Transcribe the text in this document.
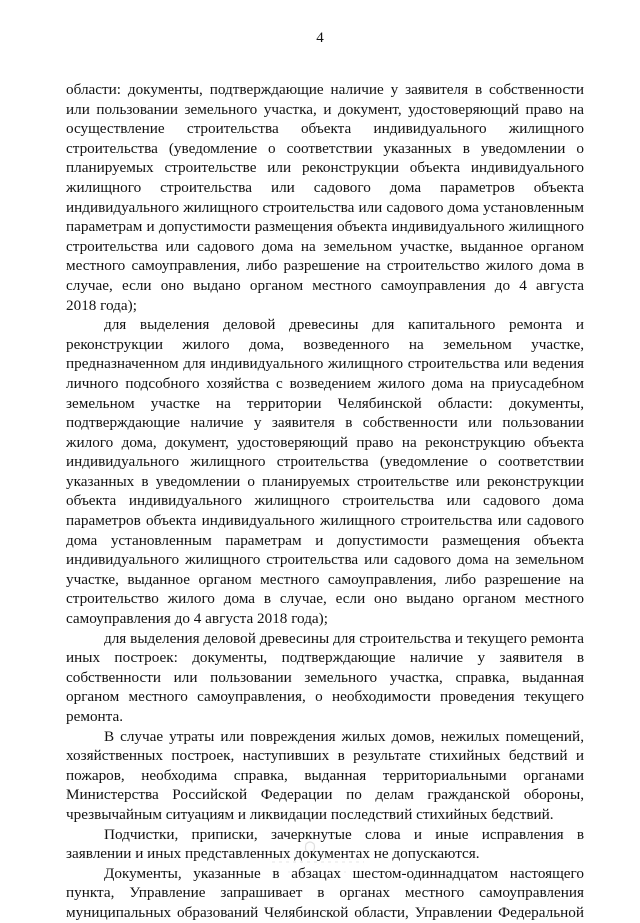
4

области: документы, подтверждающие наличие у заявителя в собственности
или пользовании земельного участка, и документ, удостоверяющий право на
осуществление строительства объекта индивидуального жилищного
строительства (уведомление о соответствии указанных в уведомлении о
планируемых строительстве или реконструкции объекта индивидуального
жилищного строительства или садового дома параметров объекта
индивидуального жилищного строительства или садового дома установленным
параметрам и допустимости размещения объекта индивидуального жилищного
строительства или садового дома на земельном участке, выданное органом
местного самоуправления, либо разрешение на строительство жилого дома в
случае, если оно выдано органом местного самоуправления до 4 августа
2018 года);

для выделения деловой древесины для капитального ремонта и
реконструкции жилого дома, возведенного на земельном участке,
предназначенном для индивидуального жилищного строительства или ведения
личного подсобного хозяйства с возведением жилого дома на приусадебном
земельном участке на территории Челябинской области: документы,
подтверждающие наличие у заявителя в собственности или пользовании
жилого дома, документ, удостоверяющий право на реконструкцию объекта
индивидуального жилищного строительства (уведомление о соответствии
указанных в уведомлении о планируемых строительстве или реконструкции
объекта индивидуального жилищного строительства или садового дома
параметров объекта индивидуального жилищного строительства или садового
дома установленным параметрам и допустимости размещения объекта
индивидуального жилищного строительства или садового дома на земельном
участке, выданное органом местного самоуправления, либо разрешение на
строительство жилого дома в случае, если оно выдано органом местного
самоуправления до 4 августа 2018 года);

для выделения деловой древесины для строительства и текущего ремонта
иных построек: документы, подтверждающие наличие у заявителя в
собственности или пользовании земельного участка, справка, выданная
органом местного самоуправления, о необходимости проведения текущего
ремонта.

В случае утраты или повреждения жилых домов, нежилых помещений,
хозяйственных построек, наступивших в результате стихийных бедствий и
пожаров, необходима справка, выданная территориальными органами
Министерства Российской Федерации по делам гражданской обороны,
чрезвычайным ситуациям и ликвидации последствий стихийных бедствий.

Подчистки, приписки, зачеркнутые слова и иные исправления в
заявлении и иных представленных документах не допускаются.

Документы, указанные в абзацах шестом-одиннадцатом настоящего
пункта, Управление запрашивает в органах местного самоуправления
муниципальных образований Челябинской области, Управлении Федеральной
